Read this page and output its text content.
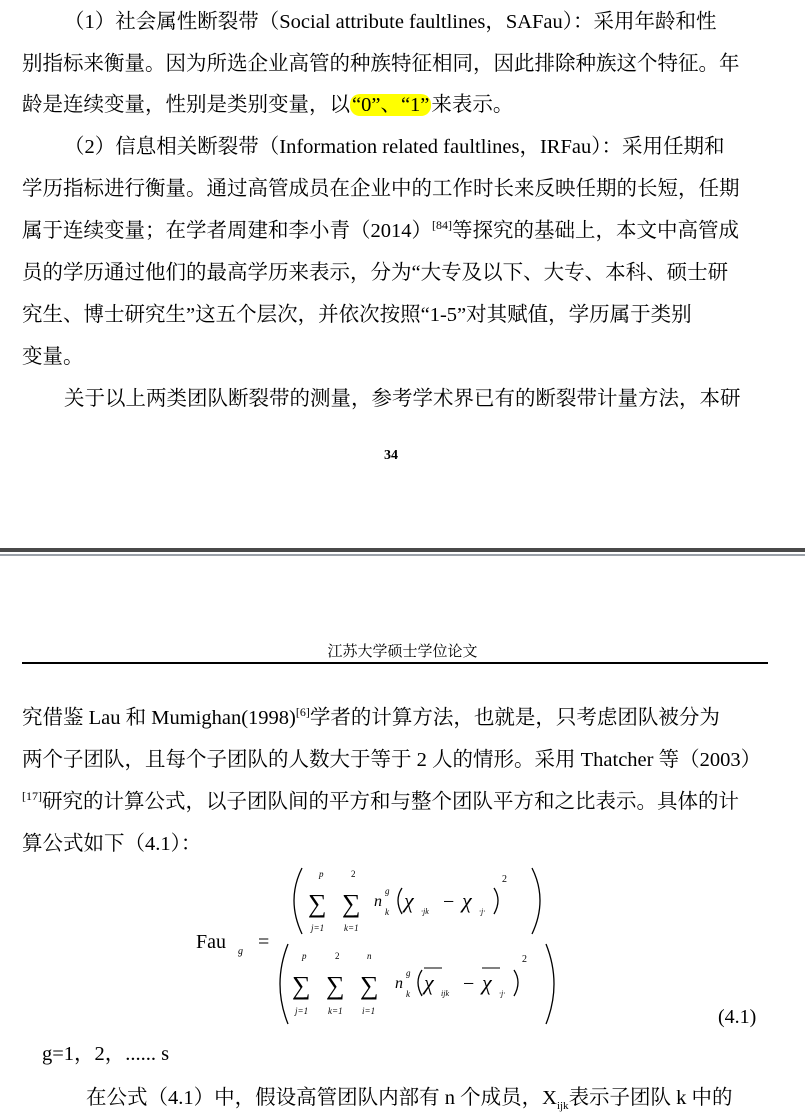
（1）社会属性断裂带（Social attribute faultlines，SAFau）：采用年龄和性
别指标来衡量。因为所选企业高管的种族特征相同，因此排除种族这个特征。年
龄是连续变量，性别是类别变量，以“0”、“1”来表示。
（2）信息相关断裂带（Information related faultlines，IRFau）：采用任期和
学历指标进行衡量。通过高管成员在企业中的工作时长来反映任期的长短，任期
属于连续变量；在学者周建和李小青（2014）[84]等探究的基础上，本文中高管成
员的学历通过他们的最高学历来表示，分为“大专及以下、大专、本科、硕士研
究生、博士研究生”这五个层次，并依次按照“1-5”对其赋值，学历属于类别
变量。
关于以上两类团队断裂带的测量，参考学术界已有的断裂带计量方法，本研
34
江苏大学硕士学位论文
究借鉴 Lau 和 Mumighan(1998)[6]学者的计算方法，也就是，只考虑团队被分为
两个子团队，且每个子团队的人数大于等于 2 人的情形。采用 Thatcher 等（2003）
[17]研究的计算公式，以子团队间的平方和与整个团队平方和之比表示。具体的计
算公式如下（4.1）：
Fau g =
∑
p
j=1
∑
2
k=1
n
g
k χ ·jk − χ ·j·
2
∑
p
j=1
∑
2
k=1
∑
n
i=1
n
g
k χ ijk − χ ·j·
2
(4.1)
g=1，2，...... s
在公式（4.1）中，假设高管团队内部有 n 个成员，$X_{ijk}$表示子团队 k 中的
